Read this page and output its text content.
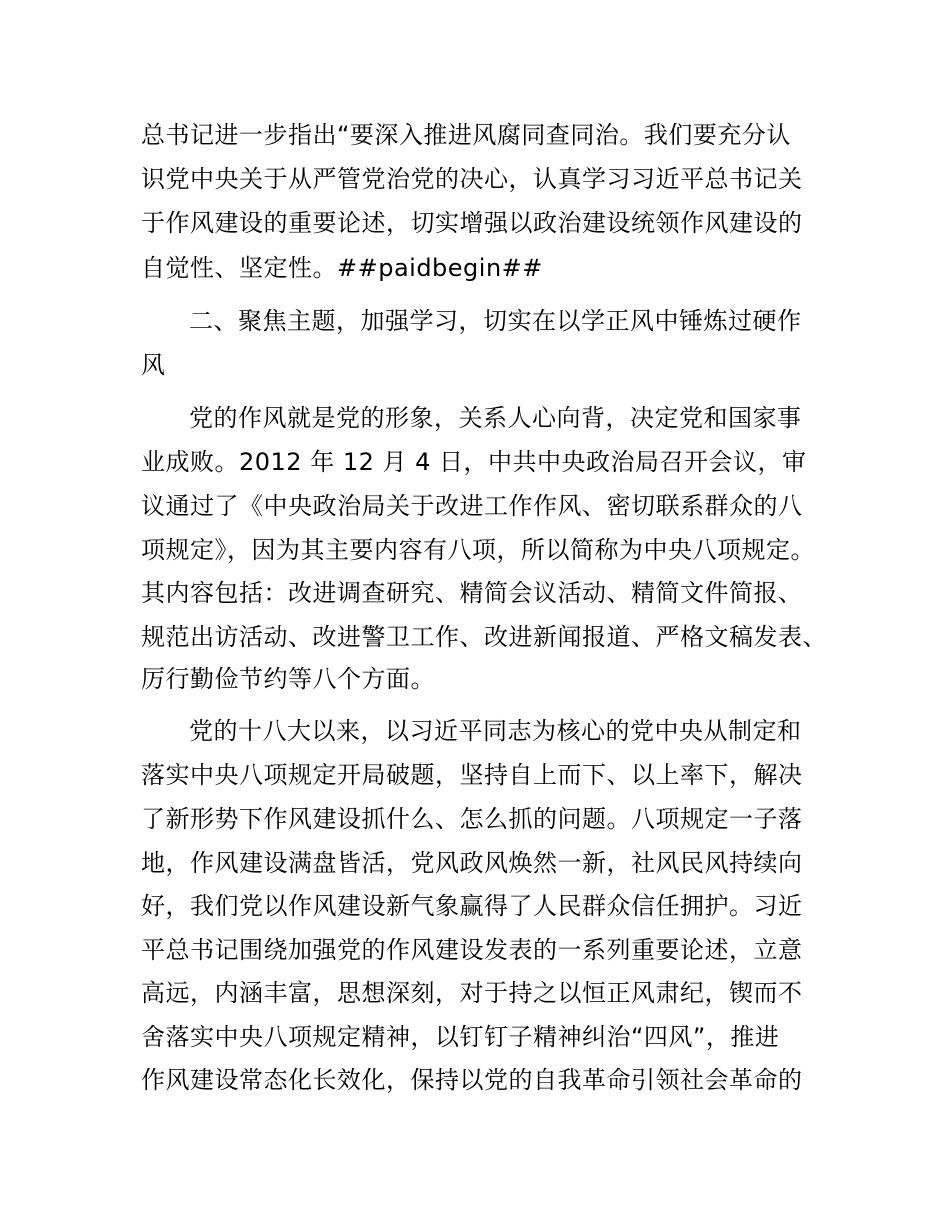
总书记进一步指出“要深入推进风腐同查同治。我们要充分认

识党中央关于从严管党治党的决心，认真学习习近平总书记关

于作风建设的重要论述，切实增强以政治建设统领作风建设的

自觉性、坚定性。##paidbegin##

二、聚焦主题，加强学习，切实在以学正风中锤炼过硬作

风

党的作风就是党的形象，关系人心向背，决定党和国家事

业成败。2012 年 12 月 4 日，中共中央政治局召开会议，审

议通过了《中央政治局关于改进工作作风、密切联系群众的八

项规定》，因为其主要内容有八项，所以简称为中央八项规定。

其内容包括：改进调查研究、精简会议活动、精简文件简报、

规范出访活动、改进警卫工作、改进新闻报道、严格文稿发表、

厉行勤俭节约等八个方面。

党的十八大以来，以习近平同志为核心的党中央从制定和

落实中央八项规定开局破题，坚持自上而下、以上率下，解决

了新形势下作风建设抓什么、怎么抓的问题。八项规定一子落

地，作风建设满盘皆活，党风政风焕然一新，社风民风持续向

好，我们党以作风建设新气象赢得了人民群众信任拥护。习近

平总书记围绕加强党的作风建设发表的一系列重要论述，立意

高远，内涵丰富，思想深刻，对于持之以恒正风肃纪，锲而不

舍落实中央八项规定精神，以钉钉子精神纠治“四风”，推进

作风建设常态化长效化，保持以党的自我革命引领社会革命的
